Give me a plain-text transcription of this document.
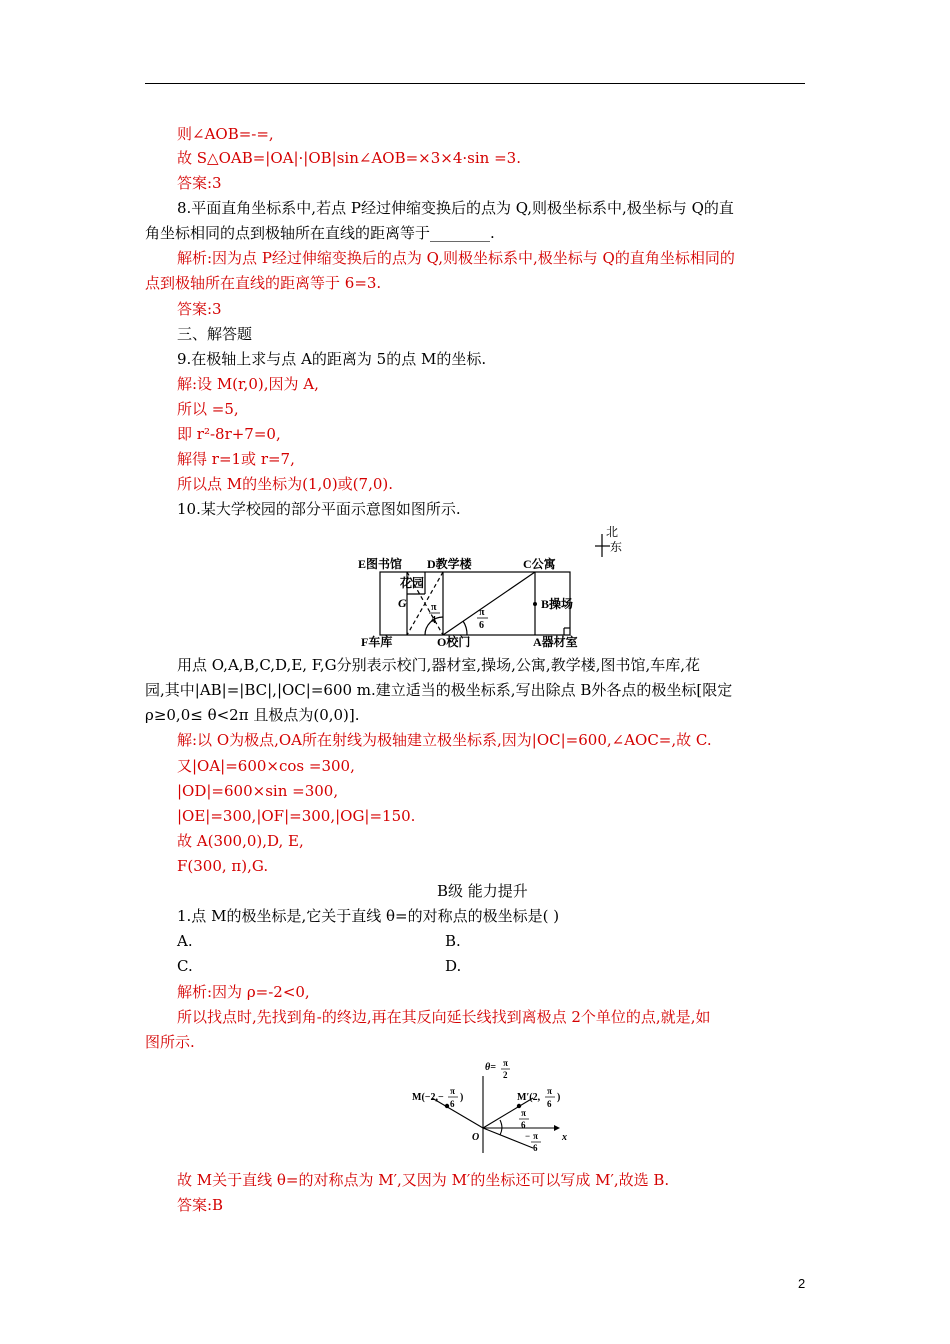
则∠AOB=-=,
故 S△OAB=|OA|·|OB|sin∠AOB=×3×4·sin =3.
答案:3
8.平面直角坐标系中,若点 P经过伸缩变换后的点为 Q,则极坐标系中,极坐标与 Q的直
角坐标相同的点到极轴所在直线的距离等于________.
解析:因为点 P经过伸缩变换后的点为 Q,则极坐标系中,极坐标与 Q的直角坐标相同的
点到极轴所在直线的距离等于 6=3.
答案:3
三、解答题
9.在极轴上求与点 A的距离为 5的点 M的坐标.
解:设 M(r,0),因为 A,
所以 =5,
即 r²-8r+7=0,
解得 r=1或 r=7,
所以点 M的坐标为(1,0)或(7,0).
10.某大学校园的部分平面示意图如图所示.
北
东
E图书馆 D教学楼	C公寓
花园
G	B操场
π
4
π
6
F车库	O校门	A器材室
用点 O,A,B,C,D,E, F,G分别表示校门,器材室,操场,公寓,教学楼,图书馆,车库,花
园,其中|AB|=|BC|,|OC|=600 m.建立适当的极坐标系,写出除点 B外各点的极坐标[限定
ρ≥0,0≤ θ<2π 且极点为(0,0)].
解:以 O为极点,OA所在射线为极轴建立极坐标系,因为|OC|=600,∠AOC=,故 C.
又|OA|=600×cos =300,
|OD|=600×sin =300,
|OE|=300,|OF|=300,|OG|=150.
故 A(300,0),D, E,
F(300, π),G.
B级 能力提升
1.点 M的极坐标是,它关于直线 θ=的对称点的极坐标是( )
A.	B.
C.	D.
解析:因为 ρ=-2<0,
所以找点时,先找到角-的终边,再在其反向延长线找到离极点 2个单位的点,就是,如
图所示.
θ= π
2
M(−2,−
π
6
)	M′(2,
π
6
)
π
6
− π
6
O	x
故 M关于直线 θ=的对称点为 M′,又因为 M′的坐标还可以写成 M′,故选 B.
答案:B
2
